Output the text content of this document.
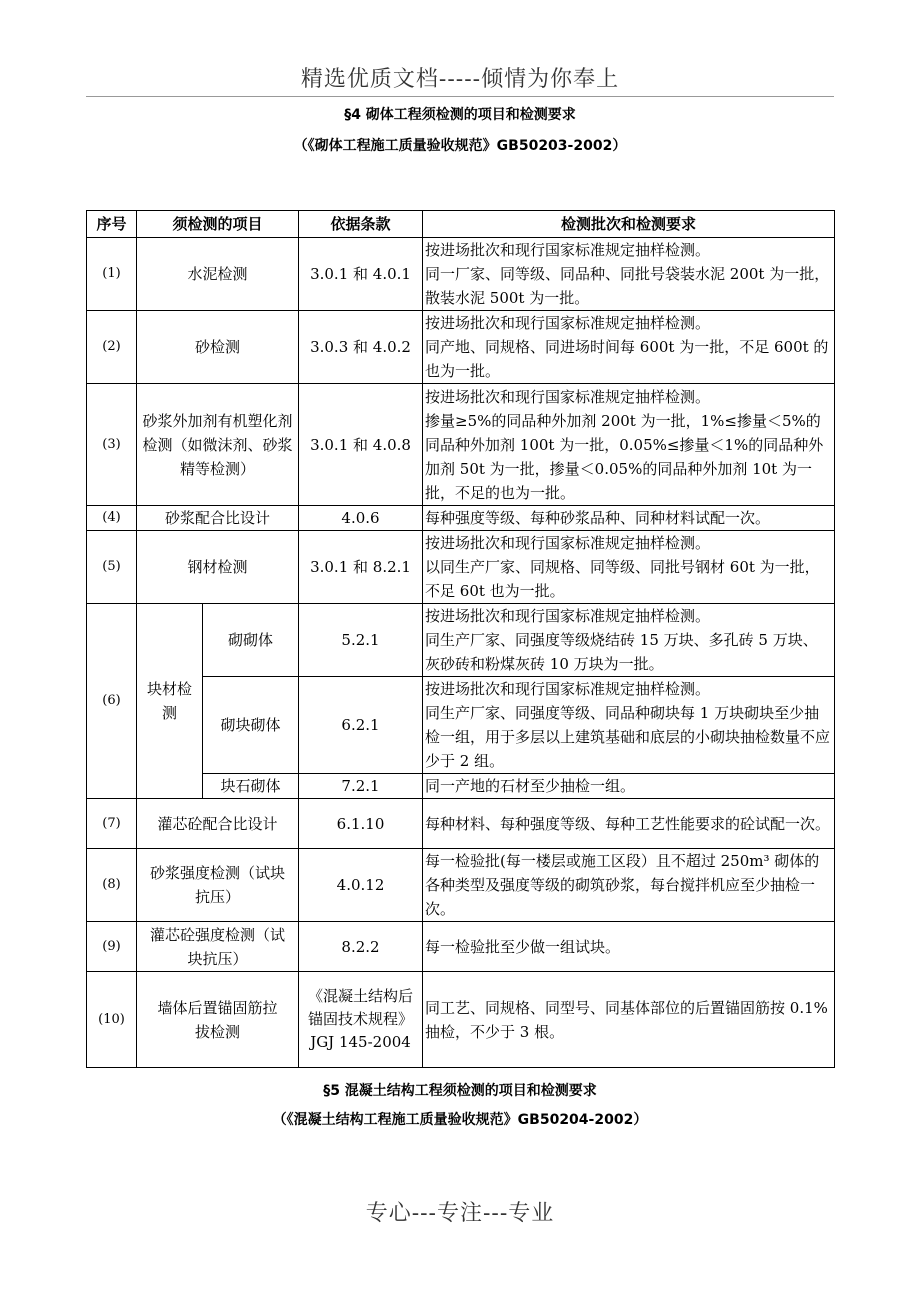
精选优质文档-----倾情为你奉上
§4 砌体工程须检测的项目和检测要求
（《砌体工程施工质量验收规范》GB50203-2002）
序号	须检测的项目		依据条款	检测批次和检测要求
(1)	水泥检测		3.0.1 和 4.0.1	按进场批次和现行国家标准规定抽样检测。
同一厂家、同等级、同品种、同批号袋装水泥 200t 为一批，散装水泥 500t 为一批。

(2)	砂检测		3.0.3 和 4.0.2	按进场批次和现行国家标准规定抽样检测。
同产地、同规格、同进场时间每 600t 为一批，不足 600t 的也为一批。

(3)	砂浆外加剂有机塑化剂检测（如微沫剂、砂浆精等检测）		3.0.1 和 4.0.8	按进场批次和现行国家标准规定抽样检测。
掺量≥5%的同品种外加剂 200t 为一批，1%≤掺量＜5%的同品种外加剂 100t 为一批，0.05%≤掺量＜1%的同品种外加剂 50t 为一批，掺量＜0.05%的同品种外加剂 10t 为一批，不足的也为一批。

(4)	砂浆配合比设计		4.0.6	每种强度等级、每种砂浆品种、同种材料试配一次。

(5)	钢材检测		3.0.1 和 8.2.1	按进场批次和现行国家标准规定抽样检测。
以同生产厂家、同规格、同等级、同批号钢材 60t 为一批，不足 60t 也为一批。

(6)	块材检测	砌砌体	5.2.1	按进场批次和现行国家标准规定抽样检测。
同生产厂家、同强度等级烧结砖 15 万块、多孔砖 5 万块、灰砂砖和粉煤灰砖 10 万块为一批。

		砌块砌体	6.2.1	按进场批次和现行国家标准规定抽样检测。
同生产厂家、同强度等级、同品种砌块每 1 万块砌块至少抽检一组，用于多层以上建筑基础和底层的小砌块抽检数量不应少于 2 组。

		块石砌体	7.2.1	同一产地的石材至少抽检一组。

(7)	灌芯砼配合比设计		6.1.10	每种材料、每种强度等级、每种工艺性能要求的砼试配一次。

(8)	砂浆强度检测（试块抗压）		4.0.12	每一检验批(每一楼层或施工区段）且不超过 250m³ 砌体的各种类型及强度等级的砌筑砂浆，每台搅拌机应至少抽检一次。

(9)	灌芯砼强度检测（试块抗压）		8.2.2	每一检验批至少做一组试块。

(10)	墙体后置锚固筋拉拔检测		《混凝土结构后锚固技术规程》JGJ 145-2004	同工艺、同规格、同型号、同基体部位的后置锚固筋按 0.1%抽检，不少于 3 根。
§5 混凝土结构工程须检测的项目和检测要求
（《混凝土结构工程施工质量验收规范》GB50204-2002）
专心---专注---专业
